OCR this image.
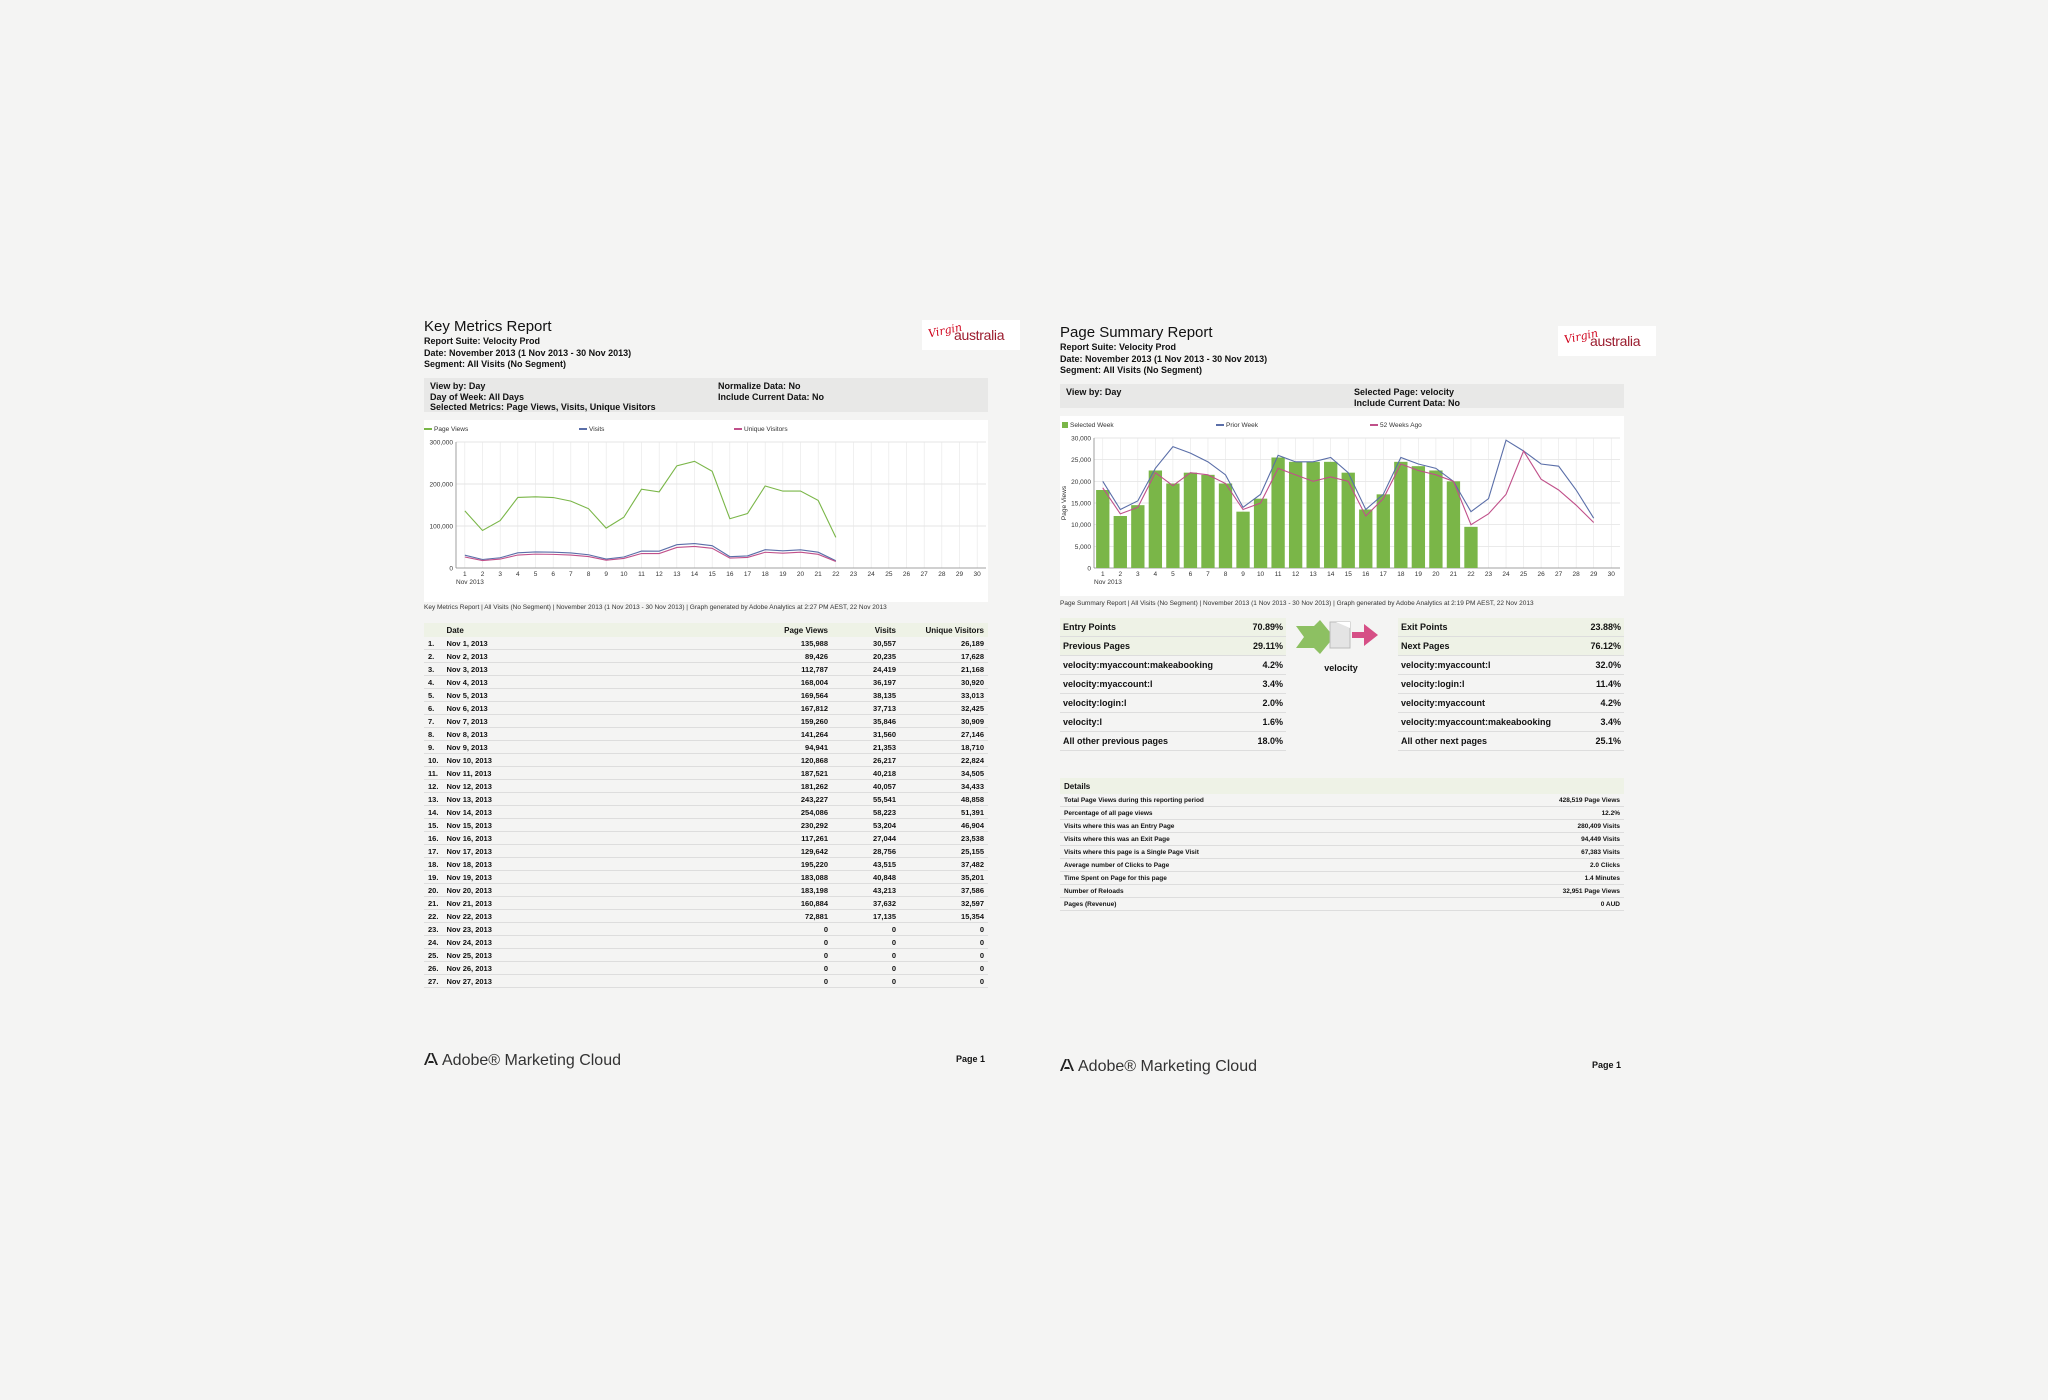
Key Metrics Report
Report Suite: Velocity Prod
Date: November 2013 (1 Nov 2013 - 30 Nov 2013)
Segment: All Visits (No Segment)
Virgin
australia
View by: Day
Day of Week: All Days
Selected Metrics: Page Views, Visits, Unique Visitors
Normalize Data: No
Include Current Data: No
Page Views	Visits	Unique Visitors
300,000
200,000
100,000
0
1 2 3 4 5 6 7 8 9 10 11 12 13 14 15 16 17 18 19 20 21 22 23 24 25 26 27 28 29 30
Nov 2013
Key Metrics Report | All Visits (No Segment) | November 2013 (1 Nov 2013 - 30 Nov 2013) | Graph generated by Adobe Analytics at 2:27 PM AEST, 22 Nov 2013
	Date	Page Views	Visits	Unique Visitors
1.	Nov 1, 2013	135,988	30,557	26,189
2.	Nov 2, 2013	89,426	20,235	17,628
3.	Nov 3, 2013	112,787	24,419	21,168
4.	Nov 4, 2013	168,004	36,197	30,920
5.	Nov 5, 2013	169,564	38,135	33,013
6.	Nov 6, 2013	167,812	37,713	32,425
7.	Nov 7, 2013	159,260	35,846	30,909
8.	Nov 8, 2013	141,264	31,560	27,146
9.	Nov 9, 2013	94,941	21,353	18,710
10.	Nov 10, 2013	120,868	26,217	22,824
11.	Nov 11, 2013	187,521	40,218	34,505
12.	Nov 12, 2013	181,262	40,057	34,433
13.	Nov 13, 2013	243,227	55,541	48,858
14.	Nov 14, 2013	254,086	58,223	51,391
15.	Nov 15, 2013	230,292	53,204	46,904
16.	Nov 16, 2013	117,261	27,044	23,538
17.	Nov 17, 2013	129,642	28,756	25,155
18.	Nov 18, 2013	195,220	43,515	37,482
19.	Nov 19, 2013	183,088	40,848	35,201
20.	Nov 20, 2013	183,198	43,213	37,586
21.	Nov 21, 2013	160,884	37,632	32,597
22.	Nov 22, 2013	72,881	17,135	15,354
23.	Nov 23, 2013	0	0	0
24.	Nov 24, 2013	0	0	0
25.	Nov 25, 2013	0	0	0
26.	Nov 26, 2013	0	0	0
27.	Nov 27, 2013	0	0	0
Adobe® Marketing Cloud	Page 1
Page Summary Report
Report Suite: Velocity Prod
Date: November 2013 (1 Nov 2013 - 30 Nov 2013)
Segment: All Visits (No Segment)
Virgin
australia
View by: Day	Selected Page: velocity
Include Current Data: No
Selected Week	Prior Week	52 Weeks Ago
30,000
25,000
20,000
15,000
10,000
5,000
0
1 2 3 4 5 6 7 8 9 10 11 12 13 14 15 16 17 18 19 20 21 22 23 24 25 26 27 28 29 30
Nov 2013
Page Views
Page Summary Report | All Visits (No Segment) | November 2013 (1 Nov 2013 - 30 Nov 2013) | Graph generated by Adobe Analytics at 2:19 PM AEST, 22 Nov 2013
Entry Points	70.89%
Previous Pages	29.11%
velocity:myaccount:makeabooking	4.2%
velocity:myaccount:l	3.4%
velocity:login:l	2.0%
velocity:l	1.6%
All other previous pages	18.0%
velocity
Exit Points	23.88%
Next Pages	76.12%
velocity:myaccount:l	32.0%
velocity:login:l	11.4%
velocity:myaccount	4.2%
velocity:myaccount:makeabooking	3.4%
All other next pages	25.1%
Details	
Total Page Views during this reporting period	428,519 Page Views
Percentage of all page views	12.2%
Visits where this was an Entry Page	280,409 Visits
Visits where this was an Exit Page	94,449 Visits
Visits where this page is a Single Page Visit	67,383 Visits
Average number of Clicks to Page	2.0 Clicks
Time Spent on Page for this page	1.4 Minutes
Number of Reloads	32,951 Page Views
Pages (Revenue)	0 AUD
Adobe® Marketing Cloud	Page 1
